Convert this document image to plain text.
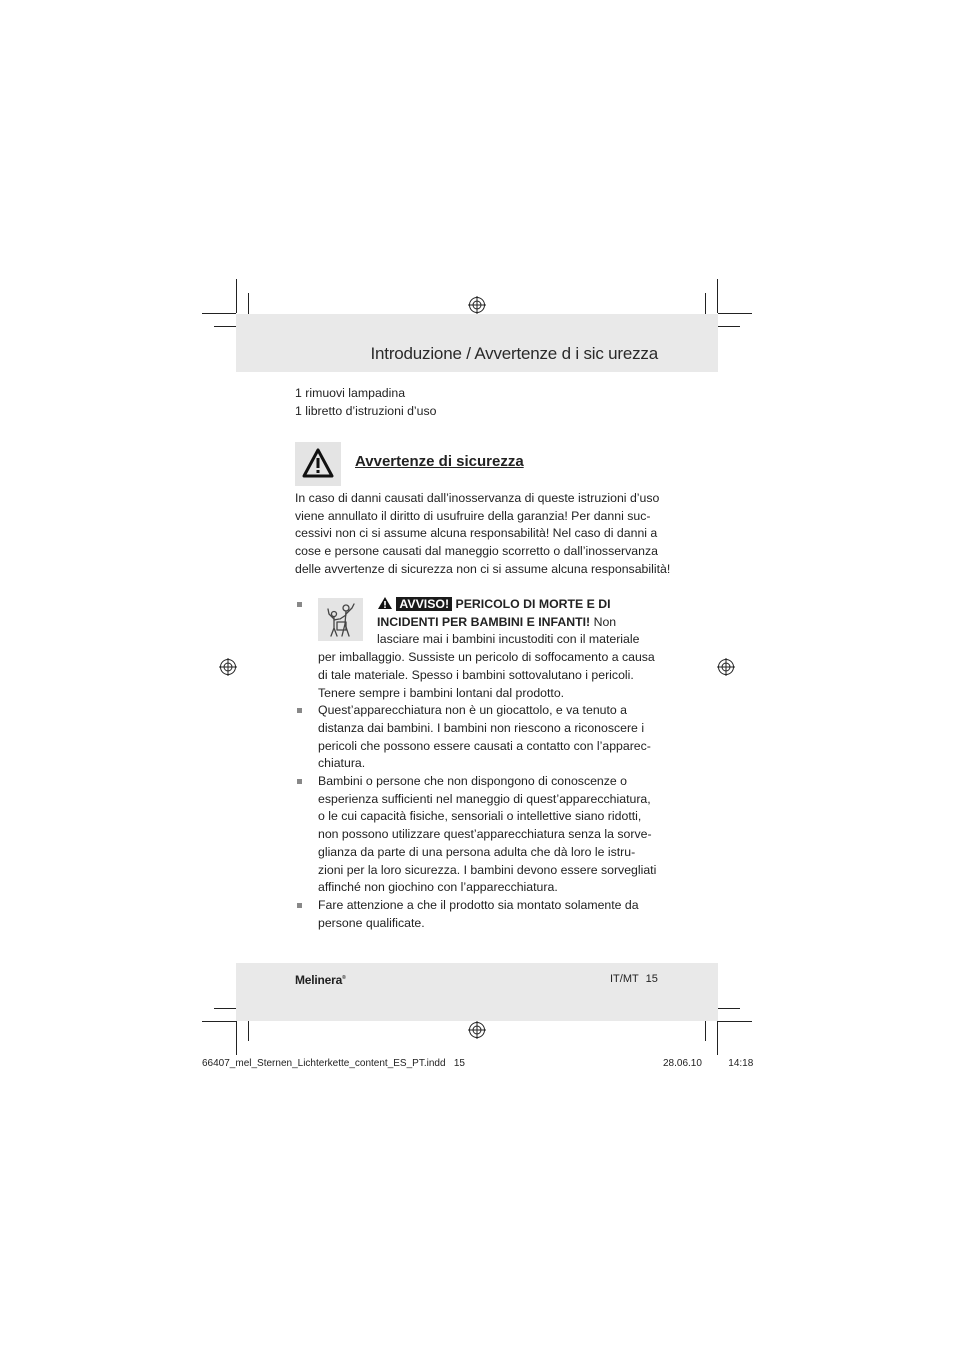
Introduzione / Avvertenze d i sic urezza
1 rimuovi lampadina
1 libretto d’istruzioni d’uso
Avvertenze di sicurezza
In caso di danni causati dall’inosservanza di queste istruzioni d’uso
viene annullato il diritto di usufruire della garanzia! Per danni suc-
cessivi non ci si assume alcuna responsabilità! Nel caso di danni a
cose e persone causati dal maneggio scorretto o dall’inosservanza
delle avvertenze di sicurezza non ci si assume alcuna responsabilità!
AVVISO! PERICOLO DI MORTE E DI
INCIDENTI PER BAMBINI E INFANTI! Non
lasciare mai i bambini incustoditi con il materiale
per imballaggio. Sussiste un pericolo di soffocamento a causa
di tale materiale. Spesso i bambini sottovalutano i pericoli.
Tenere sempre i bambini lontani dal prodotto.
Quest’apparecchiatura non è un giocattolo, e va tenuto a
distanza dai bambini. I bambini non riescono a riconoscere i
pericoli che possono essere causati a contatto con l’apparec-
chiatura.
Bambini o persone che non dispongono di conoscenze o
esperienza sufficienti nel maneggio di quest’apparecchiatura,
o le cui capacità fisiche, sensoriali o intellettive siano ridotti,
non possono utilizzare quest’apparecchiatura senza la sorve-
glianza da parte di una persona adulta che dà loro le istru-
zioni per la loro sicurezza. I bambini devono essere sorvegliati
affinché non giochino con l’apparecchiatura.
Fare attenzione a che il prodotto sia montato solamente da
persone qualificate.
Melinera®	IT/MT 15
66407_mel_Sternen_Lichterkette_content_ES_PT.indd   15	28.06.10   14:18
